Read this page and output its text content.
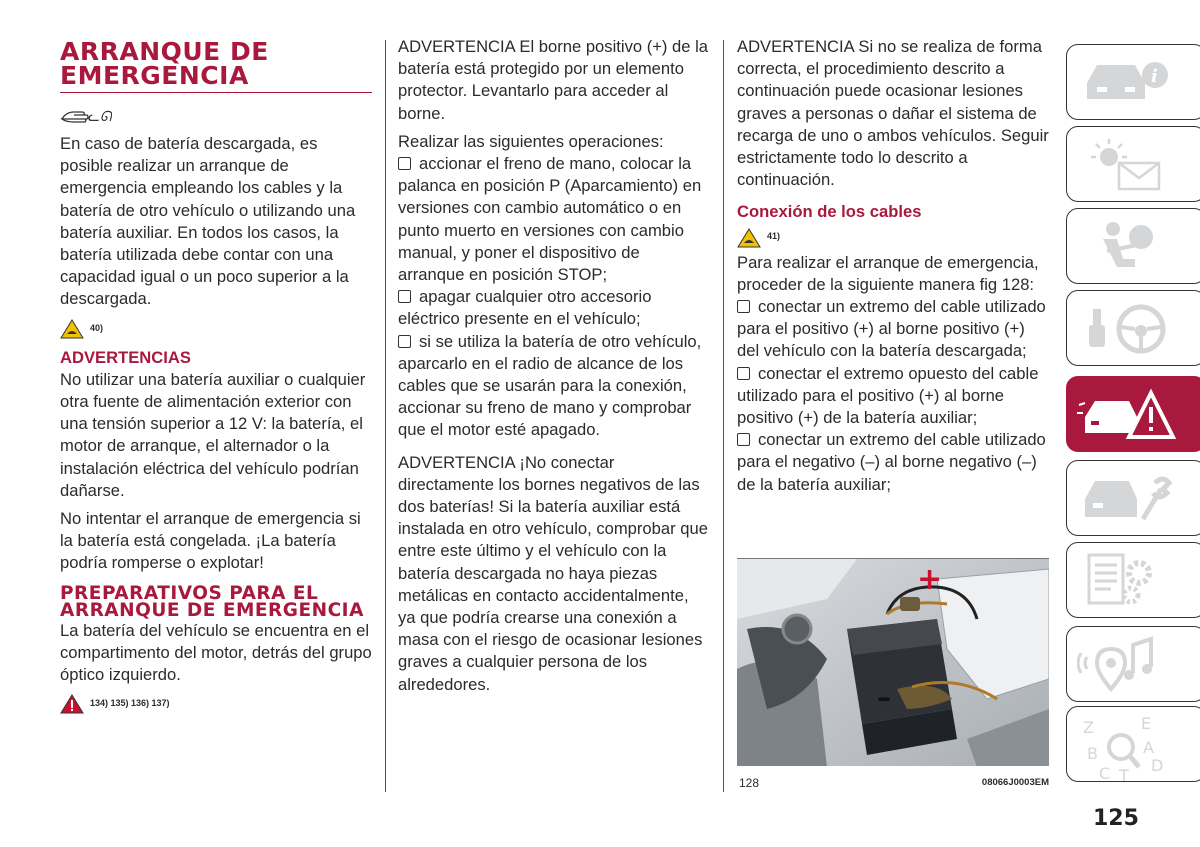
ARRANQUE DE EMERGENCIA
ᓚᘏ

En caso de batería descargada, es posible realizar un arranque de emergencia empleando los cables y la batería de otro vehículo o utilizando una batería auxiliar. En todos los casos, la batería utilizada debe contar con una capacidad igual o un poco superior a la descargada.

40)
ADVERTENCIAS

No utilizar una batería auxiliar o cualquier otra fuente de alimentación exterior con una tensión superior a 12 V: la batería, el motor de arranque, el alternador o la instalación eléctrica del vehículo podrían dañarse.

No intentar el arranque de emergencia si la batería está congelada. ¡La batería podría romperse o explotar!

PREPARATIVOS PARA EL ARRANQUE DE EMERGENCIA

La batería del vehículo se encuentra en el compartimento del motor, detrás del grupo óptico izquierdo.

134) 135) 136) 137)

ADVERTENCIA El borne positivo (+) de la batería está protegido por un elemento protector. Levantarlo para acceder al borne.

Realizar las siguientes operaciones:

accionar el freno de mano, colocar la palanca en posición P (Aparcamiento) en versiones con cambio automático o en punto muerto en versiones con cambio manual, y poner el dispositivo de arranque en posición STOP;

apagar cualquier otro accesorio eléctrico presente en el vehículo;

si se utiliza la batería de otro vehículo, aparcarlo en el radio de alcance de los cables que se usarán para la conexión, accionar su freno de mano y comprobar que el motor esté apagado.

ADVERTENCIA ¡No conectar directamente los bornes negativos de las dos baterías! Si la batería auxiliar está instalada en otro vehículo, comprobar que entre este último y el vehículo con la batería descargada no haya piezas metálicas en contacto accidentalmente, ya que podría crearse una conexión a masa con el riesgo de ocasionar lesiones graves a cualquier persona de los alrededores.

ADVERTENCIA Si no se realiza de forma correcta, el procedimiento descrito a continuación puede ocasionar lesiones graves a personas o dañar el sistema de recarga de uno o ambos vehículos. Seguir estrictamente todo lo descrito a continuación.

Conexión de los cables
41)

Para realizar el arranque de emergencia, proceder de la siguiente manera fig 128:

conectar un extremo del cable utilizado para el positivo (+) al borne positivo (+) del vehículo con la batería descargada;

conectar el extremo opuesto del cable utilizado para el positivo (+) al borne positivo (+) de la batería auxiliar;

conectar un extremo del cable utilizado para el negativo (–) al borne negativo (–) de la batería auxiliar;

+
–
128	08066J0003EM
125
i
Z	E
B	A
C T
D
